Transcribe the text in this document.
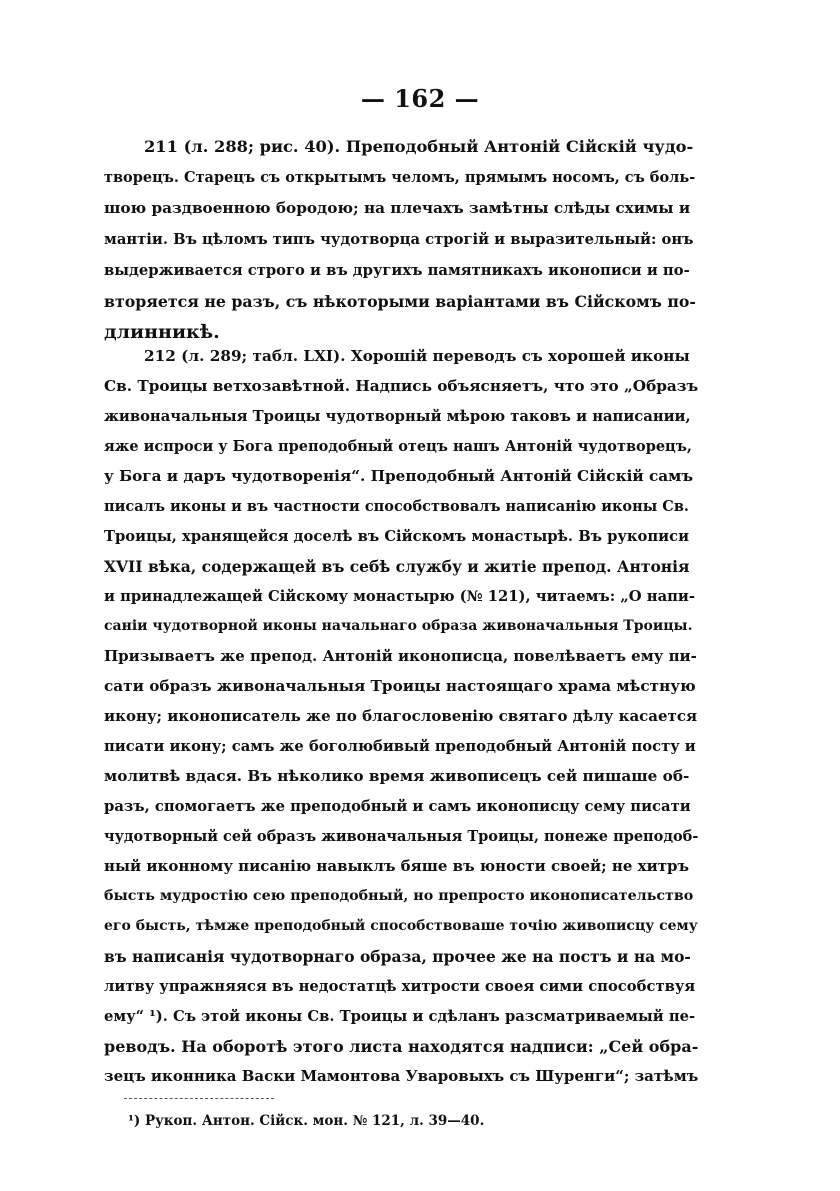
— 162 —
211 (л. 288; рис. 40). Преподобный Антоній Сійскій чудо-
творецъ. Старецъ съ открытымъ челомъ, прямымъ носомъ, съ боль-
шою раздвоенною бородою; на плечахъ замѣтны слѣды схимы и
мантіи. Въ цѣломъ типъ чудотворца строгій и выразительный: онъ
выдерживается строго и въ другихъ памятникахъ иконописи и по-
вторяется не разъ, съ нѣкоторыми варіантами въ Сійскомъ по-
длинникѣ.
212 (л. 289; табл. LXI). Хорошій переводъ съ хорошей иконы
Св. Троицы ветхозавѣтной. Надпись объясняетъ, что это „Образъ
живоначальныя Троицы чудотворный мѣрою таковъ и написании,
яже испроси у Бога преподобный отецъ нашъ Антоній чудотворецъ,
у Бога и даръ чудотворенія“. Преподобный Антоній Сійскій самъ
писалъ иконы и въ частности способствовалъ написанію иконы Св.
Троицы, хранящейся доселѣ въ Сійскомъ монастырѣ. Въ рукописи
XVII вѣка, содержащей въ себѣ службу и житіе препод. Антонія
и принадлежащей Сійскому монастырю (№ 121), читаемъ: „О напи-
саніи чудотворной иконы начальнаго образа живоначальныя Троицы.
Призываетъ же препод. Антоній иконописца, повелѣваетъ ему пи-
сати образъ живоначальныя Троицы настоящаго храма мѣстную
икону; иконописатель же по благословенію святаго дѣлу касается
писати икону; самъ же боголюбивый преподобный Антоній посту и
молитвѣ вдася. Въ нѣколико время живописецъ сей пишаше об-
разъ, спомогаетъ же преподобный и самъ иконописцу сему писати
чудотворный сей образъ живоначальныя Троицы, понеже преподоб-
ный иконному писанію навыклъ бяше въ юности своей; не хитръ
бысть мудростію сею преподобный, но препросто иконописательство
его бысть, тѣмже преподобный способствоваше точію живописцу сему
въ написанія чудотворнаго образа, прочее же на постъ и на мо-
литву упражняяся въ недостатцѣ хитрости своея сими способствуя
ему“ ¹). Съ этой иконы Св. Троицы и сдѣланъ разсматриваемый пе-
реводъ. На оборотѣ этого листа находятся надписи: „Сей обра-
зецъ иконника Васки Мамонтова Уваровыхъ съ Шуренги“; затѣмъ
¹) Рукоп. Антон. Сійск. мон. № 121, л. 39—40.
